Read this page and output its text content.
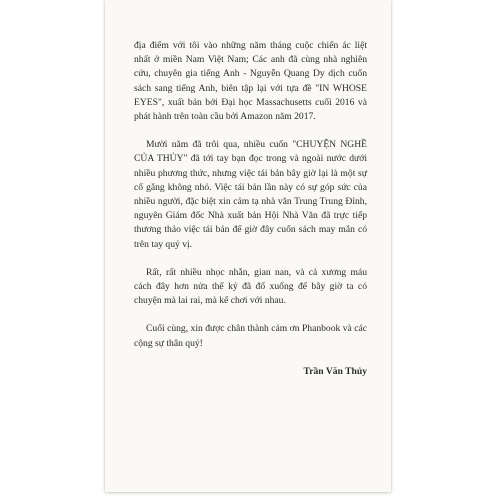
địa điểm với tôi vào những năm tháng cuộc chiến ác liệt nhất ở miền Nam Việt Nam; Các anh đã cùng nhà nghiên cứu, chuyên gia tiếng Anh - Nguyễn Quang Dy dịch cuốn sách sang tiếng Anh, biên tập lại với tựa đề "IN WHOSE EYES", xuất bản bởi Đại học Massachusetts cuối 2016 và phát hành trên toàn cầu bởi Amazon năm 2017.

Mười năm đã trôi qua, nhiều cuốn "CHUYỆN NGHỀ CỦA THỦY" đã tới tay bạn đọc trong và ngoài nước dưới nhiều phương thức, nhưng việc tái bản bây giờ lại là một sự cố gắng không nhỏ. Việc tái bản lần này có sự góp sức của nhiều người, đặc biệt xin cảm tạ nhà văn Trung Trung Đỉnh, nguyên Giám đốc Nhà xuất bản Hội Nhà Văn đã trực tiếp thương thảo việc tái bản để giờ đây cuốn sách may mắn có trên tay quý vị.

Rất, rất nhiều nhọc nhằn, gian nan, và cả xương máu cách đây hơn nửa thế kỷ đã đổ xuống để bây giờ ta có chuyện mà lai rai, mà kể chơi với nhau.

Cuối cùng, xin được chân thành cảm ơn Phanbook và các cộng sự thân quý!

Trần Văn Thủy
